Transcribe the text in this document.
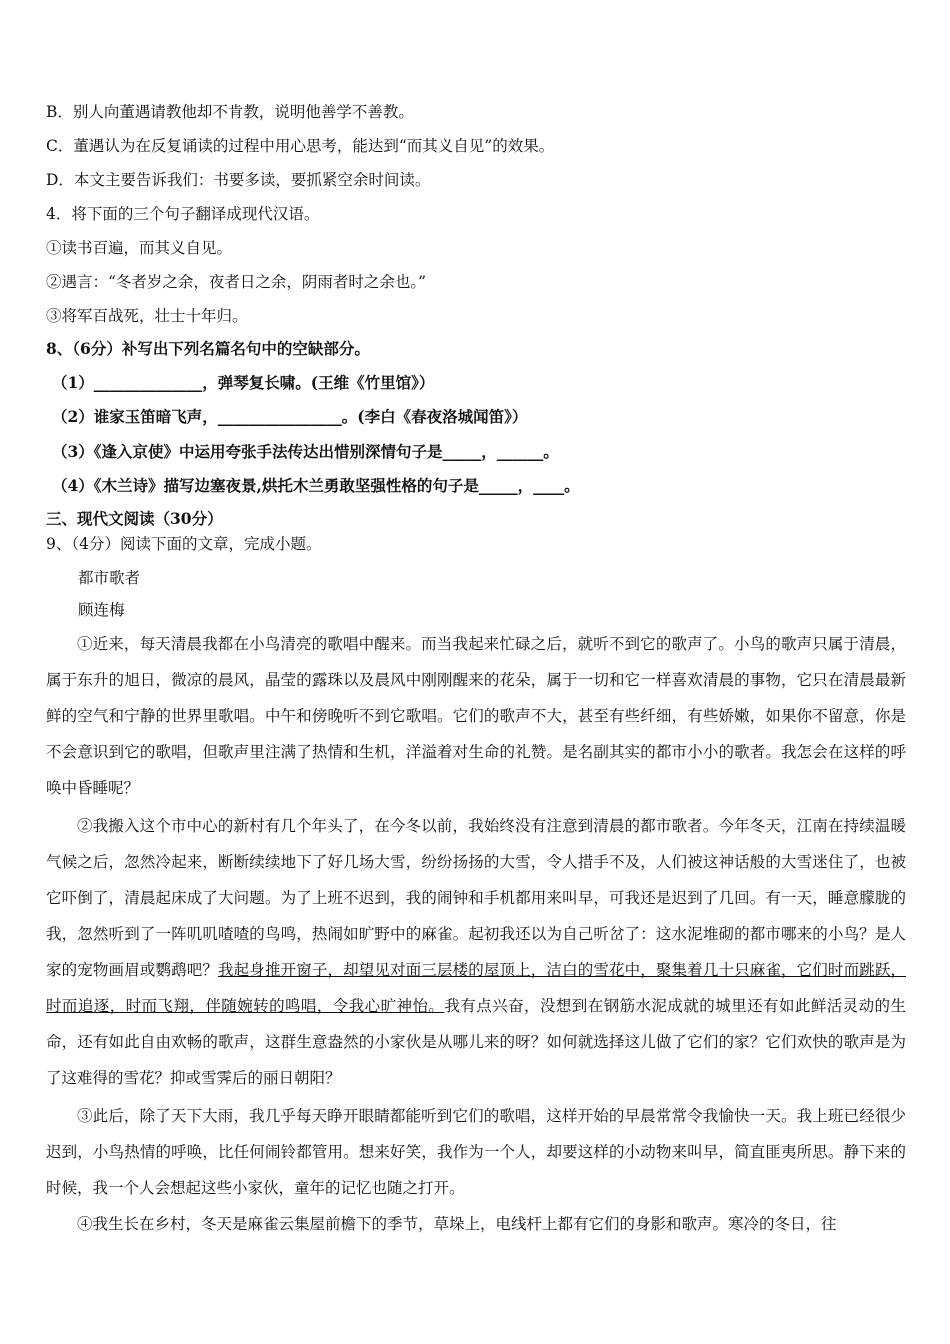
B．别人向董遇请教他却不肯教，说明他善学不善教。
C．董遇认为在反复诵读的过程中用心思考，能达到“而其义自见”的效果。
D．本文主要告诉我们：书要多读，要抓紧空余时间读。
4．将下面的三个句子翻译成现代汉语。
①读书百遍，而其义自见。
②遇言：“冬者岁之余，夜者日之余，阴雨者时之余也。”
③将军百战死，壮士十年归。
8、（6分）补写出下列名篇名句中的空缺部分。
（1）______________，弹琴复长啸。(王维《竹里馆》）
（2）谁家玉笛暗飞声，________________。(李白《春夜洛城闻笛》）
（3）《逢入京使》中运用夸张手法传达出惜别深情句子是_____，______。
（4）《木兰诗》描写边塞夜景,烘托木兰勇敢坚强性格的句子是_____，____。
三、现代文阅读（30分）
9、（4分）阅读下面的文章，完成小题。
都市歌者
顾连梅
①近来，每天清晨我都在小鸟清亮的歌唱中醒来。而当我起来忙碌之后，就听不到它的歌声了。小鸟的歌声只属于清晨，属于东升的旭日，微凉的晨风，晶莹的露珠以及晨风中刚刚醒来的花朵，属于一切和它一样喜欢清晨的事物，它只在清晨最新鲜的空气和宁静的世界里歌唱。中午和傍晚听不到它歌唱。它们的歌声不大，甚至有些纤细，有些娇嫩，如果你不留意，你是不会意识到它的歌唱，但歌声里注满了热情和生机，洋溢着对生命的礼赞。是名副其实的都市小小的歌者。我怎会在这样的呼唤中昏睡呢？
②我搬入这个市中心的新村有几个年头了，在今冬以前，我始终没有注意到清晨的都市歌者。今年冬天，江南在持续温暖气候之后，忽然冷起来，断断续续地下了好几场大雪，纷纷扬扬的大雪，令人措手不及，人们被这神话般的大雪迷住了，也被它吓倒了，清晨起床成了大问题。为了上班不迟到，我的闹钟和手机都用来叫早，可我还是迟到了几回。有一天，睡意朦胧的我，忽然听到了一阵叽叽喳喳的鸟鸣，热闹如旷野中的麻雀。起初我还以为自己听岔了：这水泥堆砌的都市哪来的小鸟？是人家的宠物画眉或鹦鹉吧？我起身推开窗子，却望见对面三层楼的屋顶上，洁白的雪花中，聚集着几十只麻雀，它们时而跳跃，时而追逐，时而飞翔，伴随婉转的鸣唱，令我心旷神怡。我有点兴奋，没想到在钢筋水泥成就的城里还有如此鲜活灵动的生命，还有如此自由欢畅的歌声，这群生意盎然的小家伙是从哪儿来的呀？如何就选择这儿做了它们的家？它们欢快的歌声是为了这难得的雪花？抑或雪霁后的丽日朝阳？
③此后，除了天下大雨，我几乎每天睁开眼睛都能听到它们的歌唱，这样开始的早晨常常令我愉快一天。我上班已经很少迟到，小鸟热情的呼唤，比任何闹铃都管用。想来好笑，我作为一个人，却要这样的小动物来叫早，简直匪夷所思。静下来的时候，我一个人会想起这些小家伙，童年的记忆也随之打开。
④我生长在乡村，冬天是麻雀云集屋前檐下的季节，草垛上，电线杆上都有它们的身影和歌声。寒冷的冬日，往
